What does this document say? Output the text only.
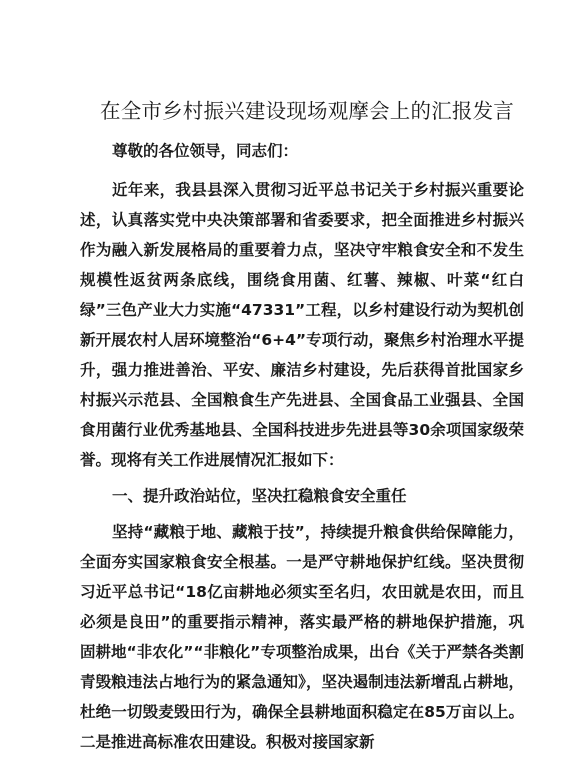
在全市乡村振兴建设现场观摩会上的汇报发言

尊敬的各位领导，同志们：

近年来，我县县深入贯彻习近平总书记关于乡村振兴重要论述，认真落实党中央决策部署和省委要求，把全面推进乡村振兴作为融入新发展格局的重要着力点，坚决守牢粮食安全和不发生规模性返贫两条底线，围绕食用菌、红薯、辣椒、叶菜“红白绿”三色产业大力实施“47331”工程，以乡村建设行动为契机创新开展农村人居环境整治“6+4”专项行动，聚焦乡村治理水平提升，强力推进善治、平安、廉洁乡村建设，先后获得首批国家乡村振兴示范县、全国粮食生产先进县、全国食品工业强县、全国食用菌行业优秀基地县、全国科技进步先进县等30余项国家级荣誉。现将有关工作进展情况汇报如下：

一、提升政治站位，坚决扛稳粮食安全重任

坚持“藏粮于地、藏粮于技”，持续提升粮食供给保障能力，全面夯实国家粮食安全根基。一是严守耕地保护红线。坚决贯彻习近平总书记“18亿亩耕地必须实至名归，农田就是农田，而且必须是良田”的重要指示精神，落实最严格的耕地保护措施，巩固耕地“非农化”“非粮化”专项整治成果，出台《关于严禁各类割青毁粮违法占地行为的紧急通知》，坚决遏制违法新增乱占耕地，杜绝一切毁麦毁田行为，确保全县耕地面积稳定在85万亩以上。二是推进高标准农田建设。积极对接国家新
